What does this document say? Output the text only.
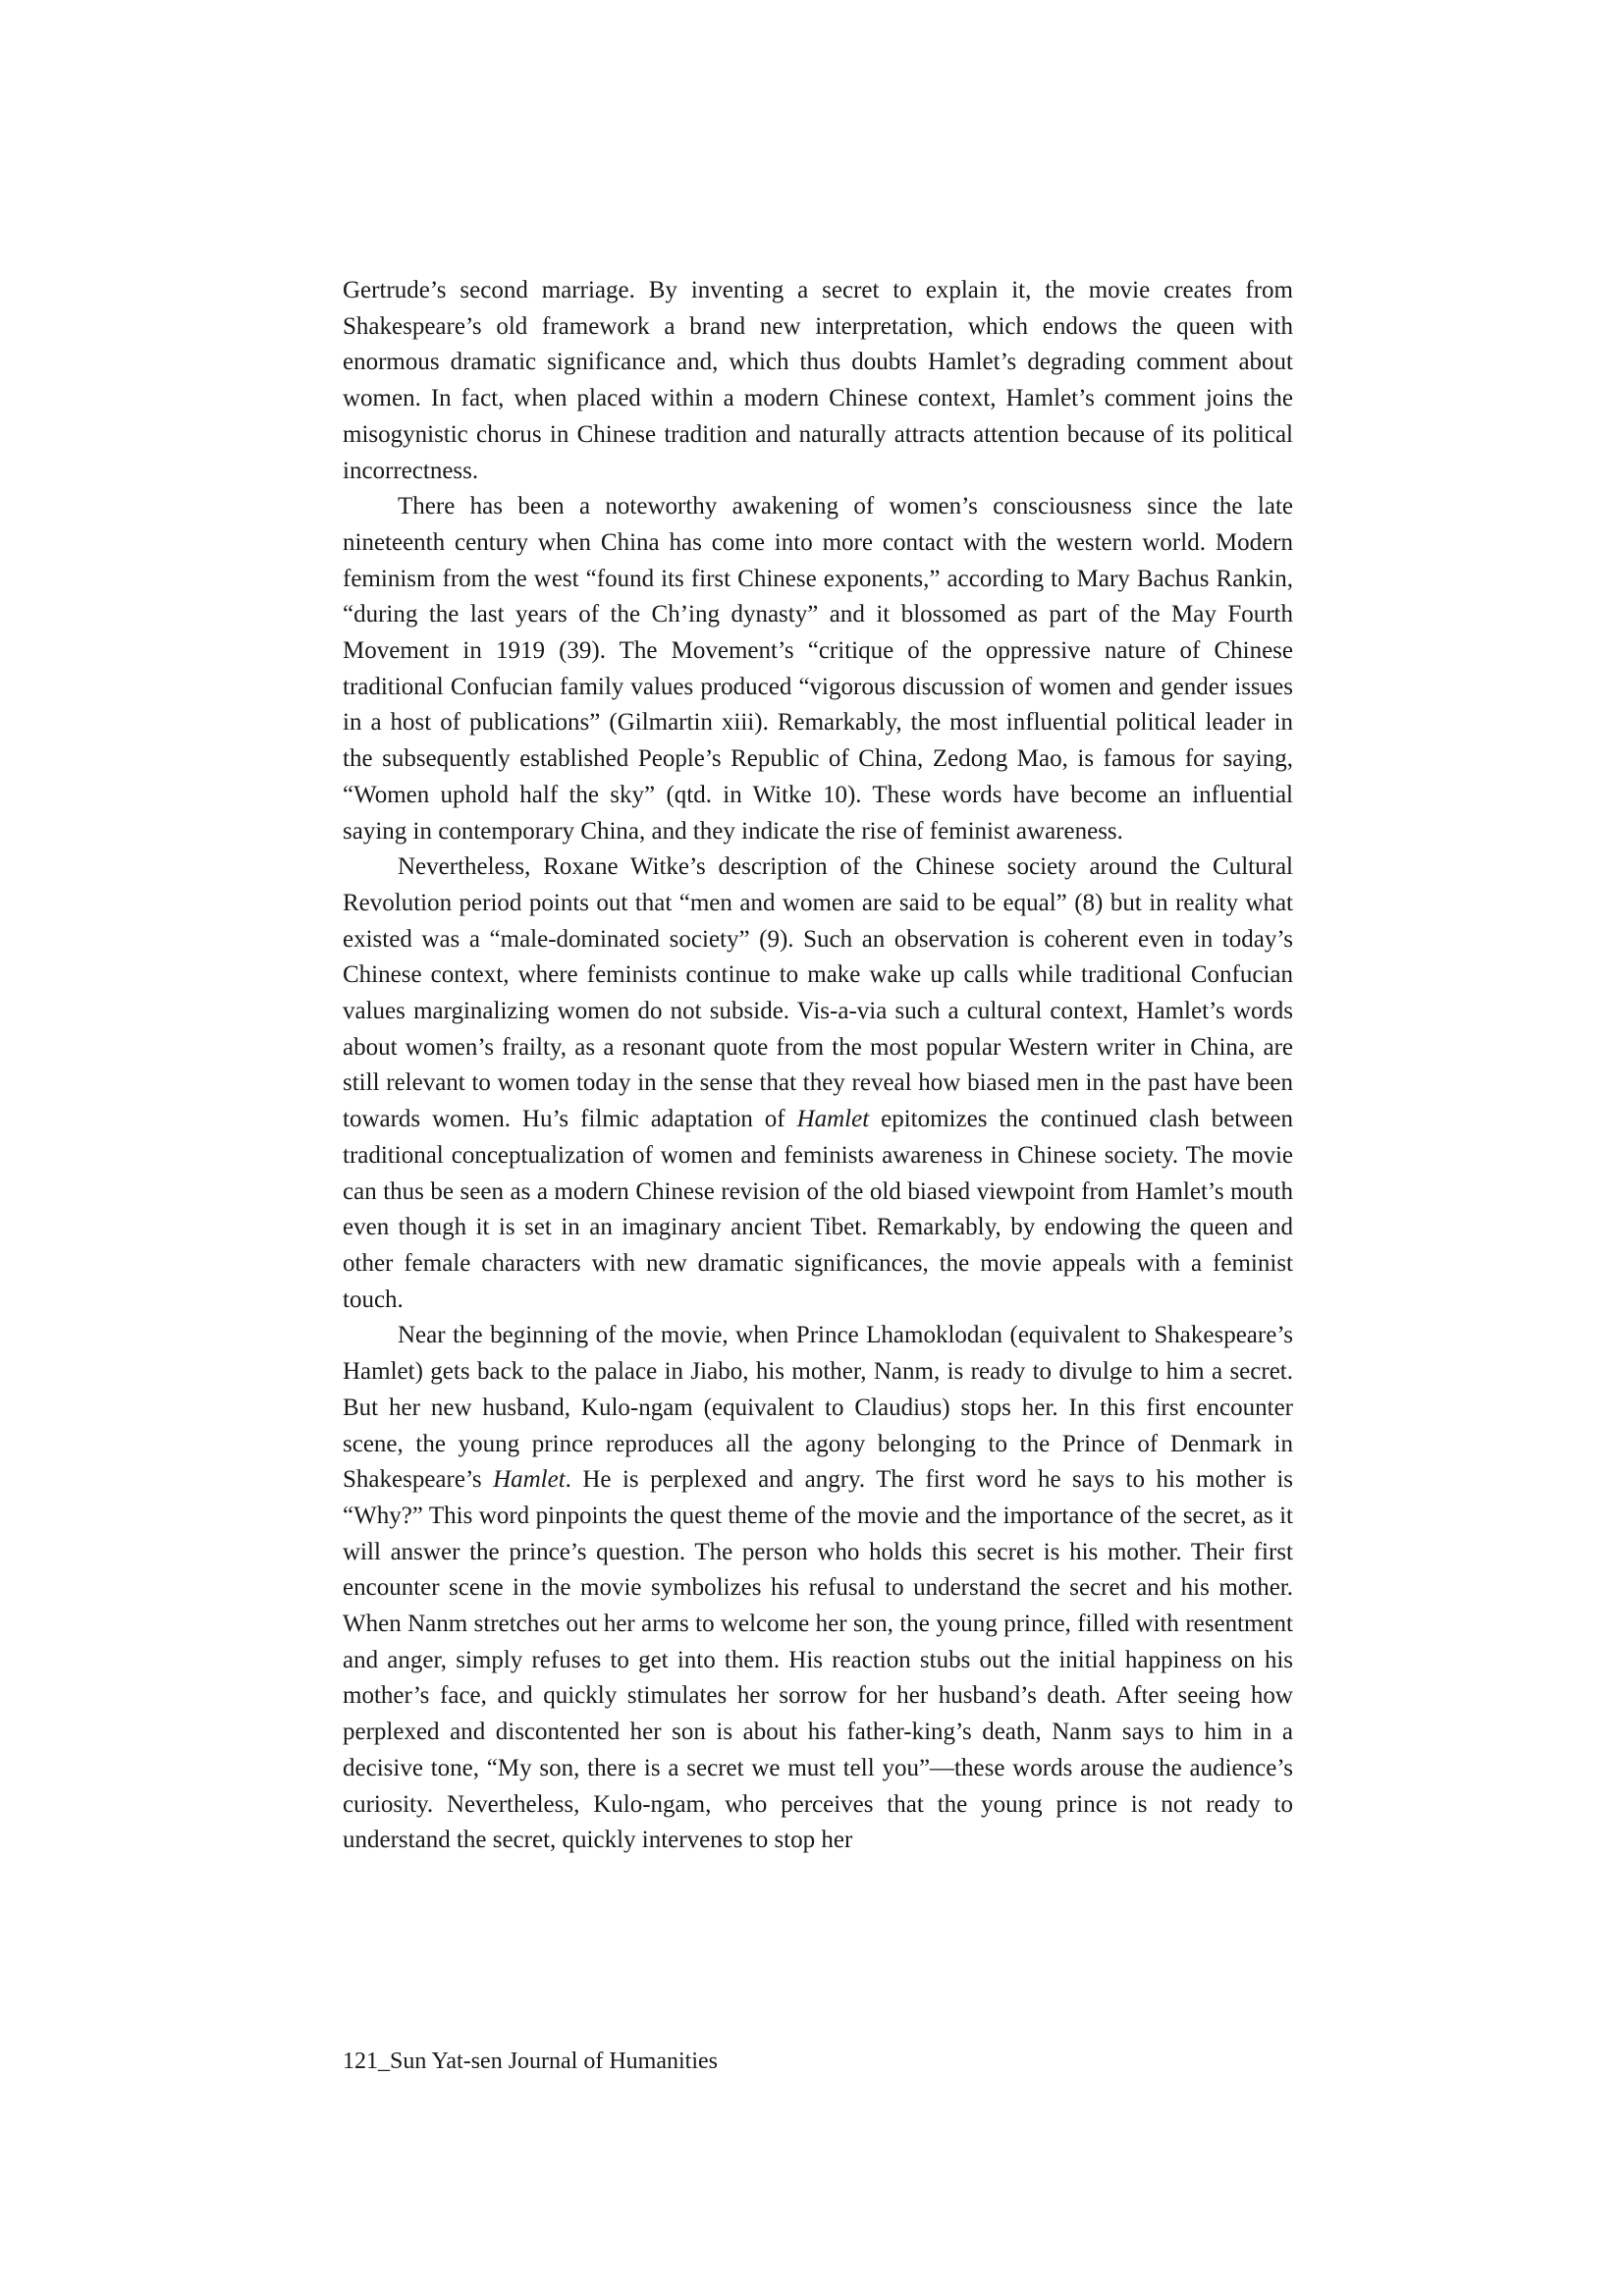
Gertrude’s second marriage. By inventing a secret to explain it, the movie creates from Shakespeare’s old framework a brand new interpretation, which endows the queen with enormous dramatic significance and, which thus doubts Hamlet’s degrading comment about women. In fact, when placed within a modern Chinese context, Hamlet’s comment joins the misogynistic chorus in Chinese tradition and naturally attracts attention because of its political incorrectness.

There has been a noteworthy awakening of women’s consciousness since the late nineteenth century when China has come into more contact with the western world. Modern feminism from the west “found its first Chinese exponents,” according to Mary Bachus Rankin, “during the last years of the Ch’ing dynasty” and it blossomed as part of the May Fourth Movement in 1919 (39). The Movement’s “critique of the oppressive nature of Chinese traditional Confucian family values produced “vigorous discussion of women and gender issues in a host of publications” (Gilmartin xiii). Remarkably, the most influential political leader in the subsequently established People’s Republic of China, Zedong Mao, is famous for saying, “Women uphold half the sky” (qtd. in Witke 10). These words have become an influential saying in contemporary China, and they indicate the rise of feminist awareness.

Nevertheless, Roxane Witke’s description of the Chinese society around the Cultural Revolution period points out that “men and women are said to be equal” (8) but in reality what existed was a “male-dominated society” (9). Such an observation is coherent even in today’s Chinese context, where feminists continue to make wake up calls while traditional Confucian values marginalizing women do not subside. Vis-a-via such a cultural context, Hamlet’s words about women’s frailty, as a resonant quote from the most popular Western writer in China, are still relevant to women today in the sense that they reveal how biased men in the past have been towards women. Hu’s filmic adaptation of Hamlet epitomizes the continued clash between traditional conceptualization of women and feminists awareness in Chinese society. The movie can thus be seen as a modern Chinese revision of the old biased viewpoint from Hamlet’s mouth even though it is set in an imaginary ancient Tibet. Remarkably, by endowing the queen and other female characters with new dramatic significances, the movie appeals with a feminist touch.

Near the beginning of the movie, when Prince Lhamoklodan (equivalent to Shakespeare’s Hamlet) gets back to the palace in Jiabo, his mother, Nanm, is ready to divulge to him a secret. But her new husband, Kulo-ngam (equivalent to Claudius) stops her. In this first encounter scene, the young prince reproduces all the agony belonging to the Prince of Denmark in Shakespeare’s Hamlet. He is perplexed and angry. The first word he says to his mother is “Why?” This word pinpoints the quest theme of the movie and the importance of the secret, as it will answer the prince’s question. The person who holds this secret is his mother. Their first encounter scene in the movie symbolizes his refusal to understand the secret and his mother. When Nanm stretches out her arms to welcome her son, the young prince, filled with resentment and anger, simply refuses to get into them. His reaction stubs out the initial happiness on his mother’s face, and quickly stimulates her sorrow for her husband’s death. After seeing how perplexed and discontented her son is about his father-king’s death, Nanm says to him in a decisive tone, “My son, there is a secret we must tell you”—these words arouse the audience’s curiosity. Nevertheless, Kulo-ngam, who perceives that the young prince is not ready to understand the secret, quickly intervenes to stop her

121_Sun Yat-sen Journal of Humanities
